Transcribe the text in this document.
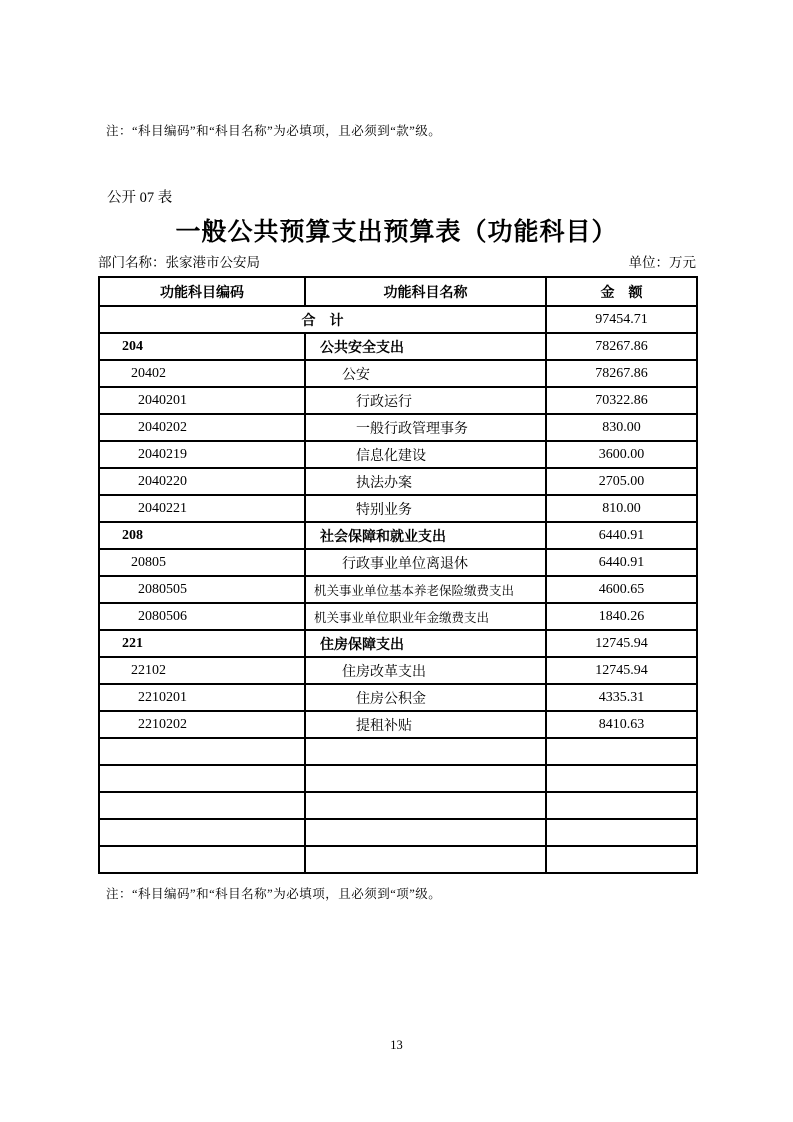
注：“科目编码”和“科目名称”为必填项，且必须到“款”级。
公开 07 表
一般公共预算支出预算表（功能科目）
部门名称：张家港市公安局	单位：万元
功能科目编码	功能科目名称	金　额
合　计		97454.71
204	公共安全支出	78267.86
20402	公安	78267.86
2040201	行政运行	70322.86
2040202	一般行政管理事务	830.00
2040219	信息化建设	3600.00
2040220	执法办案	2705.00
2040221	特别业务	810.00
208	社会保障和就业支出	6440.91
20805	行政事业单位离退休	6440.91
2080505	机关事业单位基本养老保险缴费支出	4600.65
2080506	机关事业单位职业年金缴费支出	1840.26
221	住房保障支出	12745.94
22102	住房改革支出	12745.94
2210201	住房公积金	4335.31
2210202	提租补贴	8410.63

注：“科目编码”和“科目名称”为必填项，且必须到“项”级。
13
